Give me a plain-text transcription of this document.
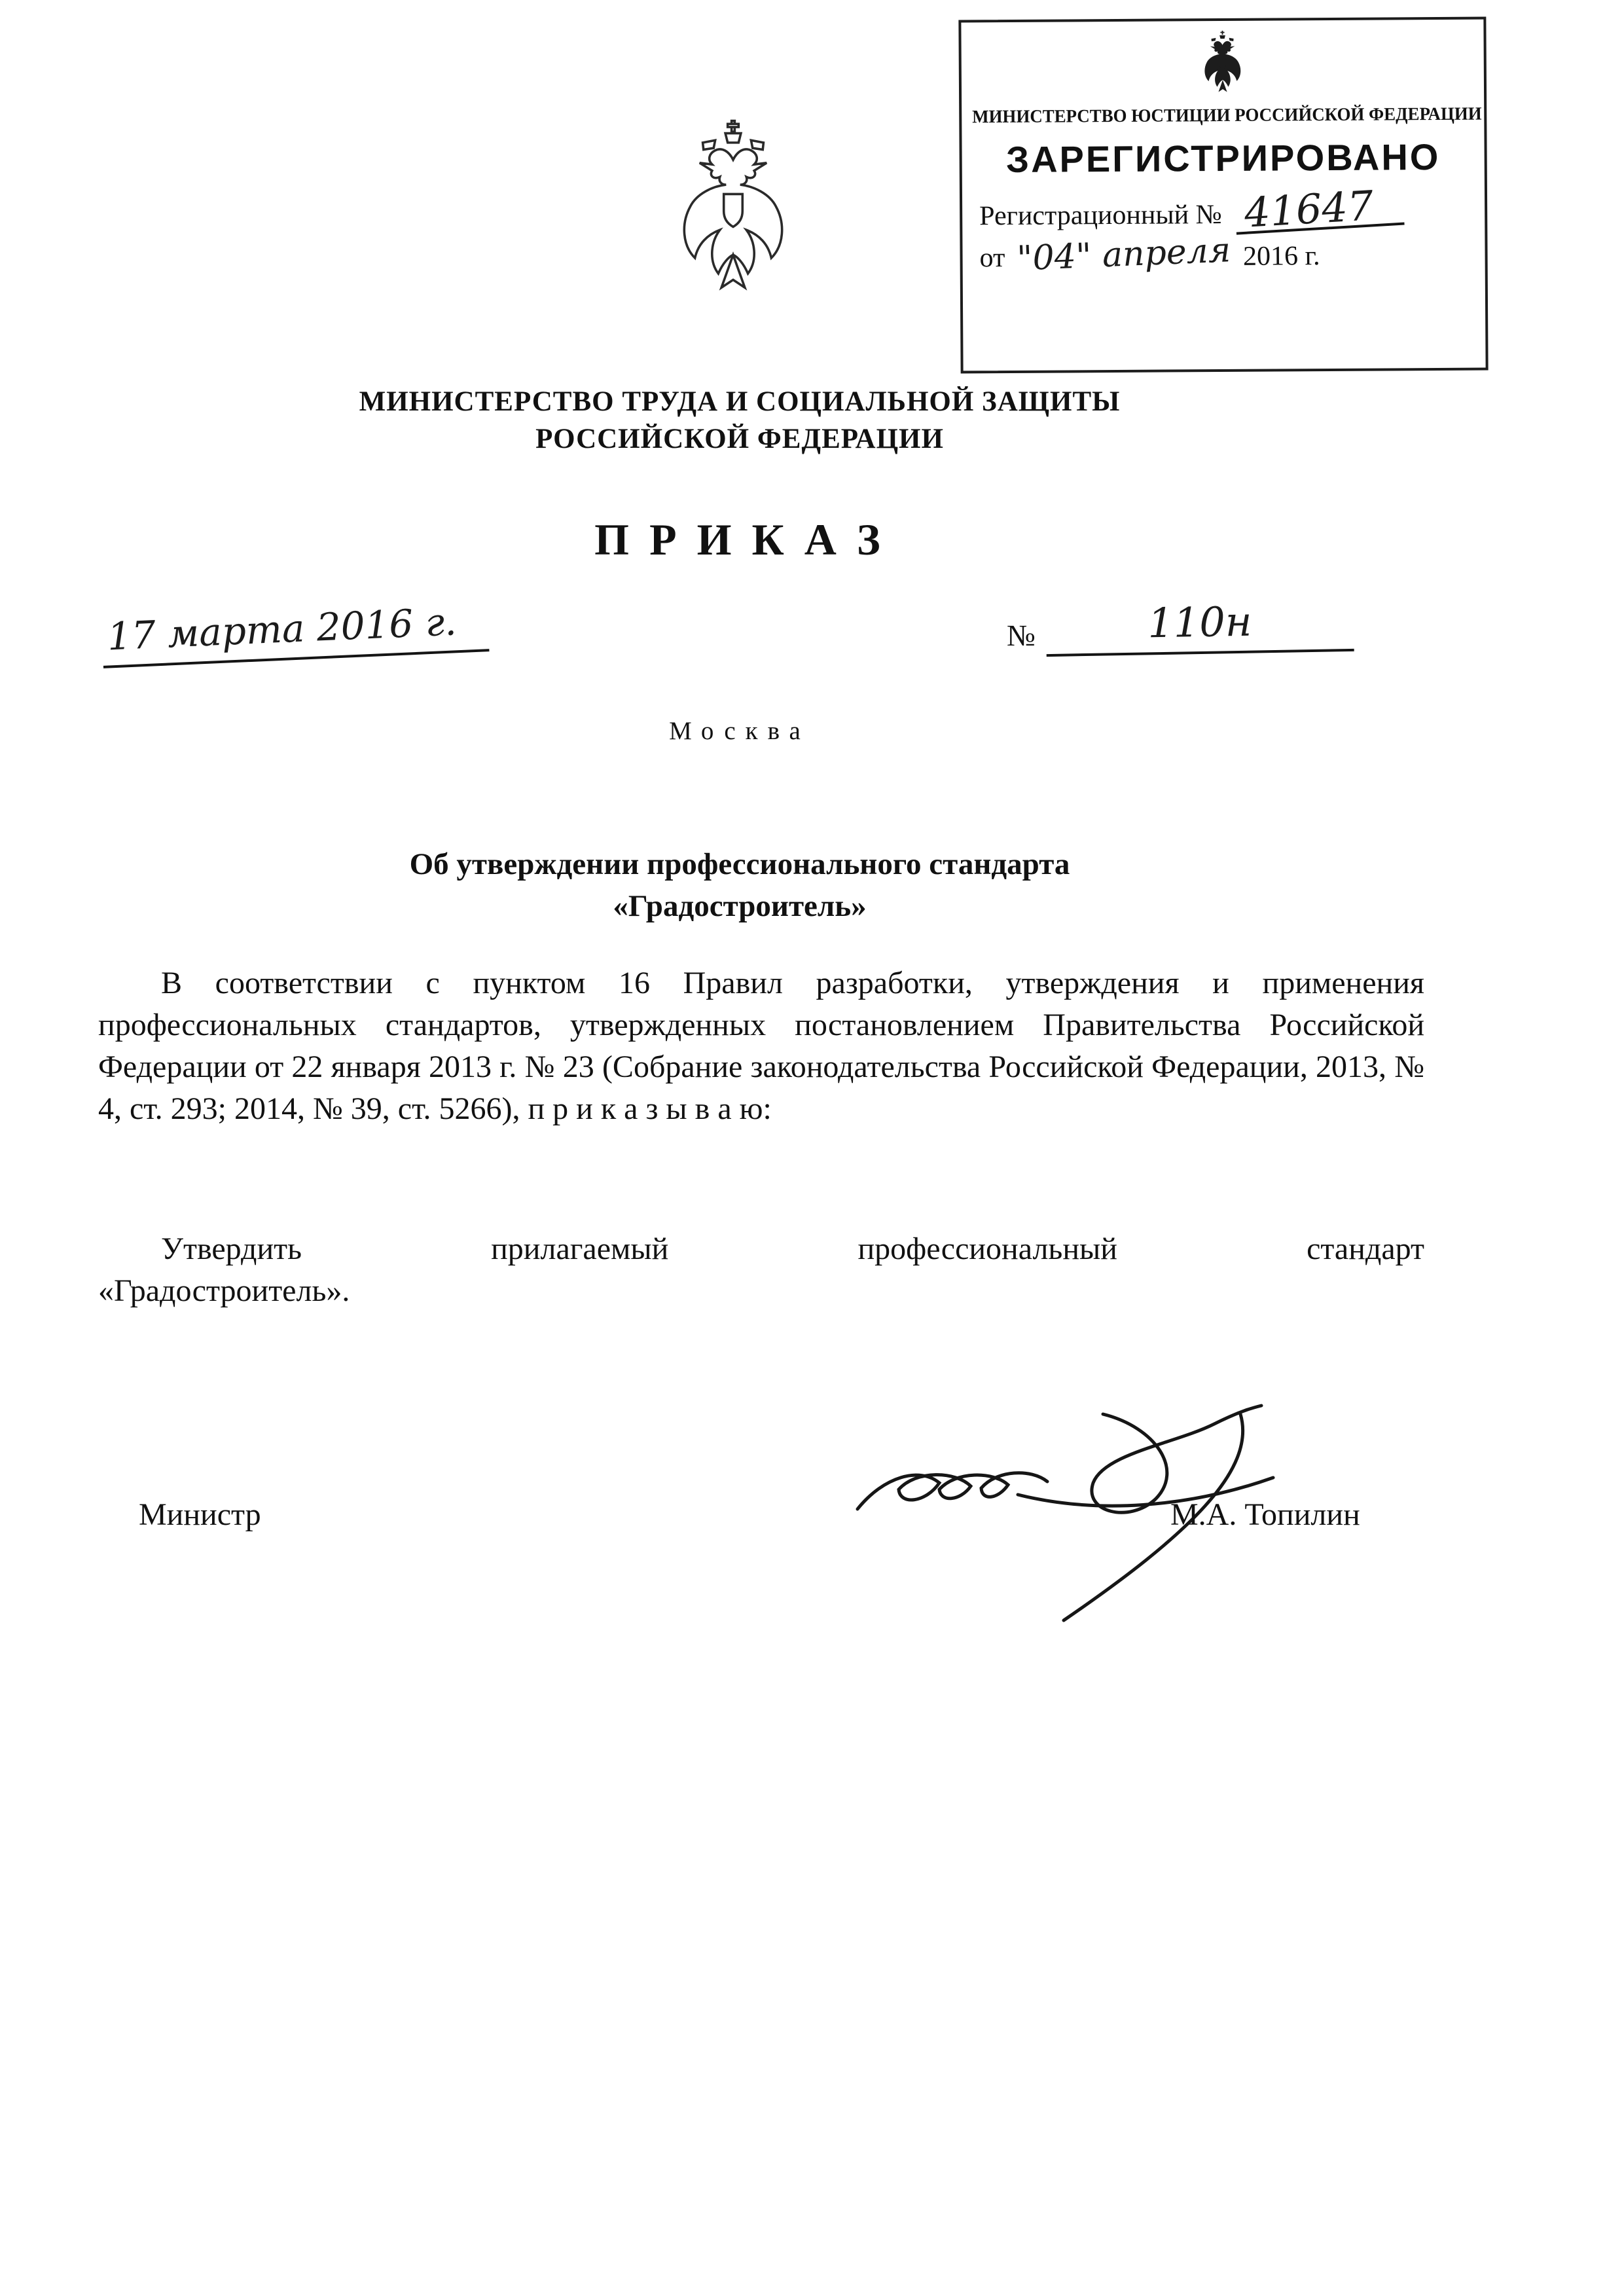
МИНИСТЕРСТВО ЮСТИЦИИ РОССИЙСКОЙ ФЕДЕРАЦИИ
ЗАРЕГИСТРИРОВАНО
Регистрационный № 41647
от "04" апреля 2016 г.
МИНИСТЕРСТВО ТРУДА И СОЦИАЛЬНОЙ ЗАЩИТЫ
РОССИЙСКОЙ ФЕДЕРАЦИИ
П Р И К А З
17 марта 2016 г.	№	110н
Москва
Об утверждении профессионального стандарта
«Градостроитель»
В соответствии с пунктом 16 Правил разработки, утверждения и применения профессиональных стандартов, утвержденных постановлением Правительства Российской Федерации от 22 января 2013 г. № 23 (Собрание законодательства Российской Федерации, 2013, № 4, ст. 293; 2014, № 39, ст. 5266), п р и к а з ы в а ю:
Утвердить прилагаемый профессиональный стандарт
«Градостроитель».
Министр	М.А. Топилин
